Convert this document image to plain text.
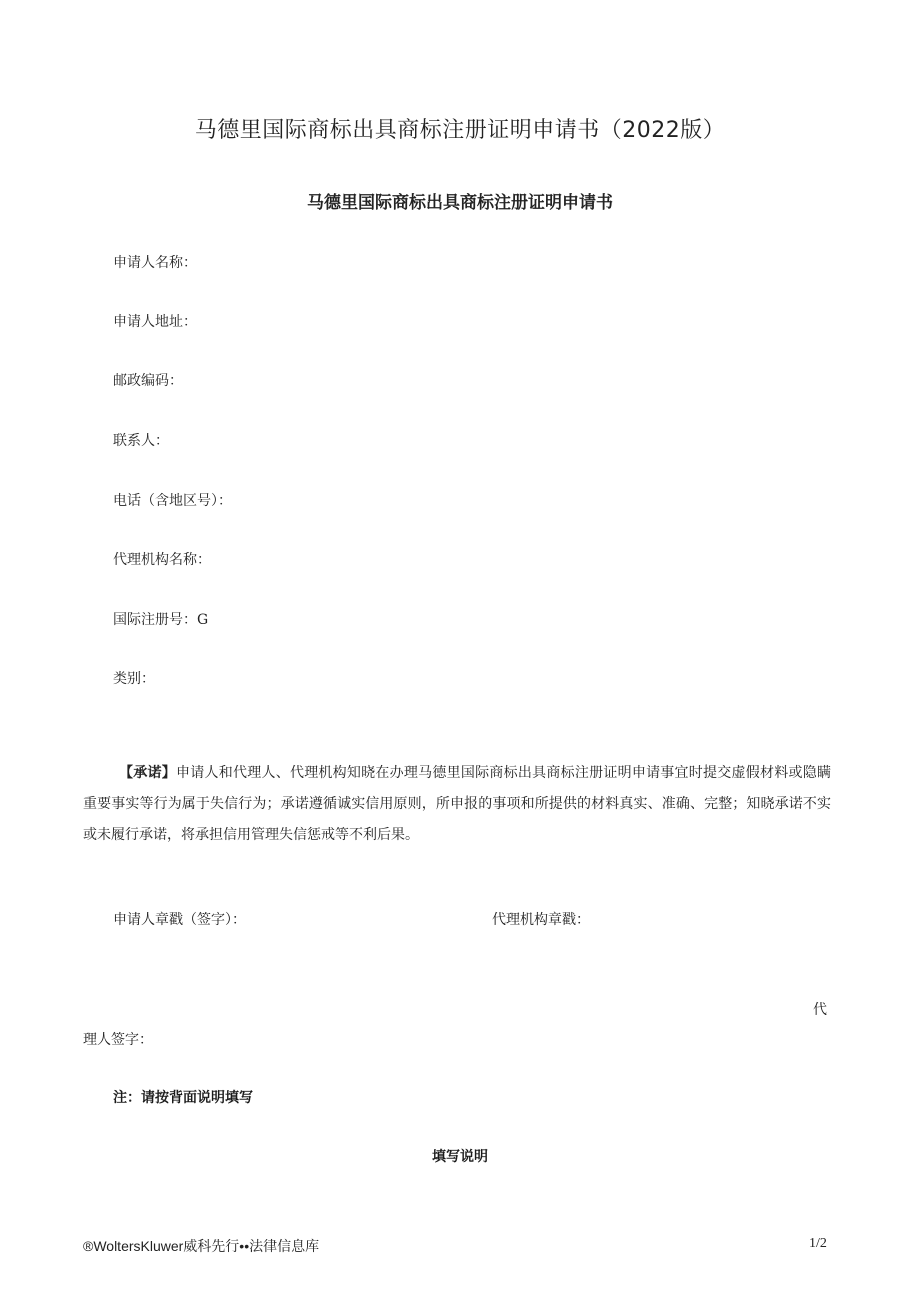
马德里国际商标出具商标注册证明申请书（2022版）
马德里国际商标出具商标注册证明申请书
申请人名称：
申请人地址：
邮政编码：
联系人：
电话（含地区号）：
代理机构名称：
国际注册号：G
类别：
【承诺】申请人和代理人、代理机构知晓在办理马德里国际商标出具商标注册证明申请事宜时提交虚假材料或隐瞒重要事实等行为属于失信行为；承诺遵循诚实信用原则，所申报的事项和所提供的材料真实、准确、完整；知晓承诺不实或未履行承诺，将承担信用管理失信惩戒等不利后果。
申请人章戳（签字）：	代理机构章戳：
代
理人签字：
注：请按背面说明填写
填写说明
®WoltersKluwer威科先行••法律信息库	1/2
